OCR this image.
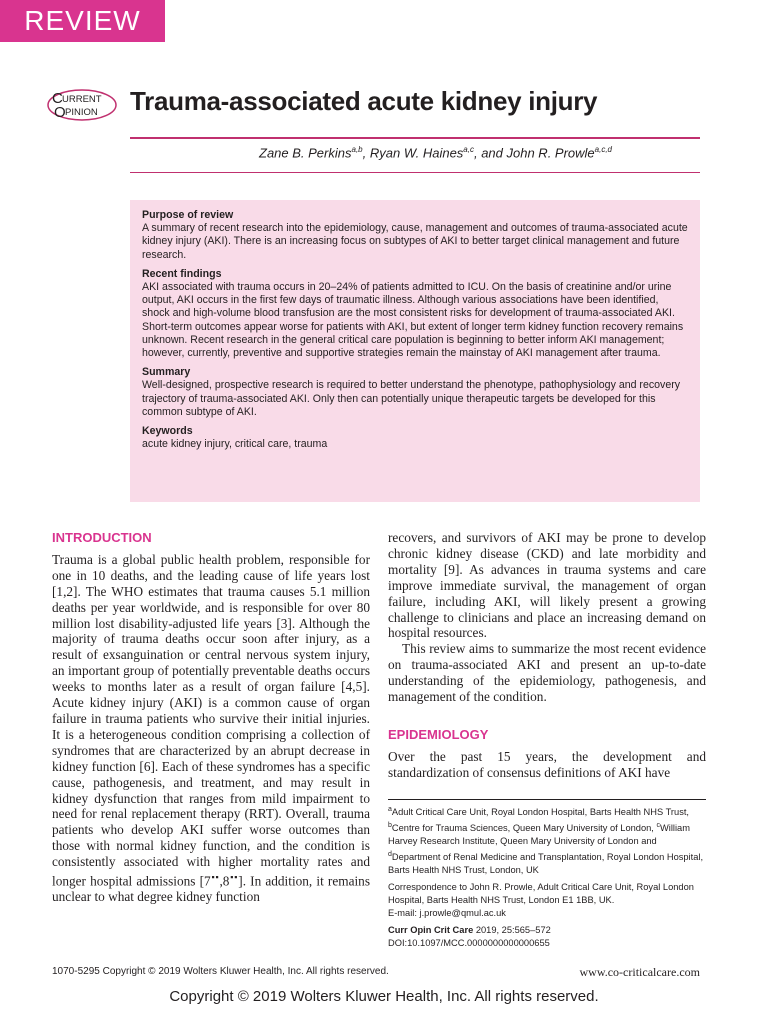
REVIEW
C URRENT
O PINION Trauma-associated acute kidney injury
Zane B. Perkins$^{a,b}$, Ryan W. Haines$^{a,c}$, and John R. Prowle$^{a,c,d}$
Purpose of review

A summary of recent research into the epidemiology, cause, management and outcomes of trauma-associated acute kidney injury (AKI). There is an increasing focus on subtypes of AKI to better target clinical management and future research.

Recent findings

AKI associated with trauma occurs in 20–24% of patients admitted to ICU. On the basis of creatinine and/or urine output, AKI occurs in the first few days of traumatic illness. Although various associations have been identified, shock and high-volume blood transfusion are the most consistent risks for development of trauma-associated AKI. Short-term outcomes appear worse for patients with AKI, but extent of longer term kidney function recovery remains unknown. Recent research in the general critical care population is beginning to better inform AKI management; however, currently, preventive and supportive strategies remain the mainstay of AKI management after trauma.

Summary

Well-designed, prospective research is required to better understand the phenotype, pathophysiology and recovery trajectory of trauma-associated AKI. Only then can potentially unique therapeutic targets be developed for this common subtype of AKI.

Keywords

acute kidney injury, critical care, trauma

INTRODUCTION

Trauma is a global public health problem, responsible for one in 10 deaths, and the leading cause of life years lost [1,2]. The WHO estimates that trauma causes 5.1 million deaths per year worldwide, and is responsible for over 80 million lost disability-adjusted life years [3]. Although the majority of trauma deaths occur soon after injury, as a result of exsanguination or central nervous system injury, an important group of potentially preventable deaths occurs weeks to months later as a result of organ failure [4,5]. Acute kidney injury (AKI) is a common cause of organ failure in trauma patients who survive their initial injuries. It is a heterogeneous condition comprising a collection of syndromes that are characterized by an abrupt decrease in kidney function [6]. Each of these syndromes has a specific cause, pathogenesis, and treatment, and may result in kidney dysfunction that ranges from mild impairment to need for renal replacement therapy (RRT). Overall, trauma patients who develop AKI suffer worse outcomes than those with normal kidney function, and the condition is consistently associated with higher mortality rates and longer hospital admissions [7▪▪,8▪▪]. In addition, it remains unclear to what degree kidney function

recovers, and survivors of AKI may be prone to develop chronic kidney disease (CKD) and late morbidity and mortality [9]. As advances in trauma systems and care improve immediate survival, the management of organ failure, including AKI, will likely present a growing challenge to clinicians and place an increasing demand on hospital resources.

This review aims to summarize the most recent evidence on trauma-associated AKI and present an up-to-date understanding of the epidemiology, pathogenesis, and management of the condition.

EPIDEMIOLOGY

Over the past 15 years, the development and standardization of consensus definitions of AKI have

$^a$Adult Critical Care Unit, Royal London Hospital, Barts Health NHS Trust, $^b$Centre for Trauma Sciences, Queen Mary University of London, $^c$William Harvey Research Institute, Queen Mary University of London and $^d$Department of Renal Medicine and Transplantation, Royal London Hospital, Barts Health NHS Trust, London, UK

Correspondence to John R. Prowle, Adult Critical Care Unit, Royal London Hospital, Barts Health NHS Trust, London E1 1BB, UK.

E-mail: j.prowle@qmul.ac.uk

Curr Opin Crit Care 2019, 25:565–572

DOI:10.1097/MCC.0000000000000655

1070-5295 Copyright © 2019 Wolters Kluwer Health, Inc. All rights reserved.	www.co-criticalcare.com
Copyright © 2019 Wolters Kluwer Health, Inc. All rights reserved.
